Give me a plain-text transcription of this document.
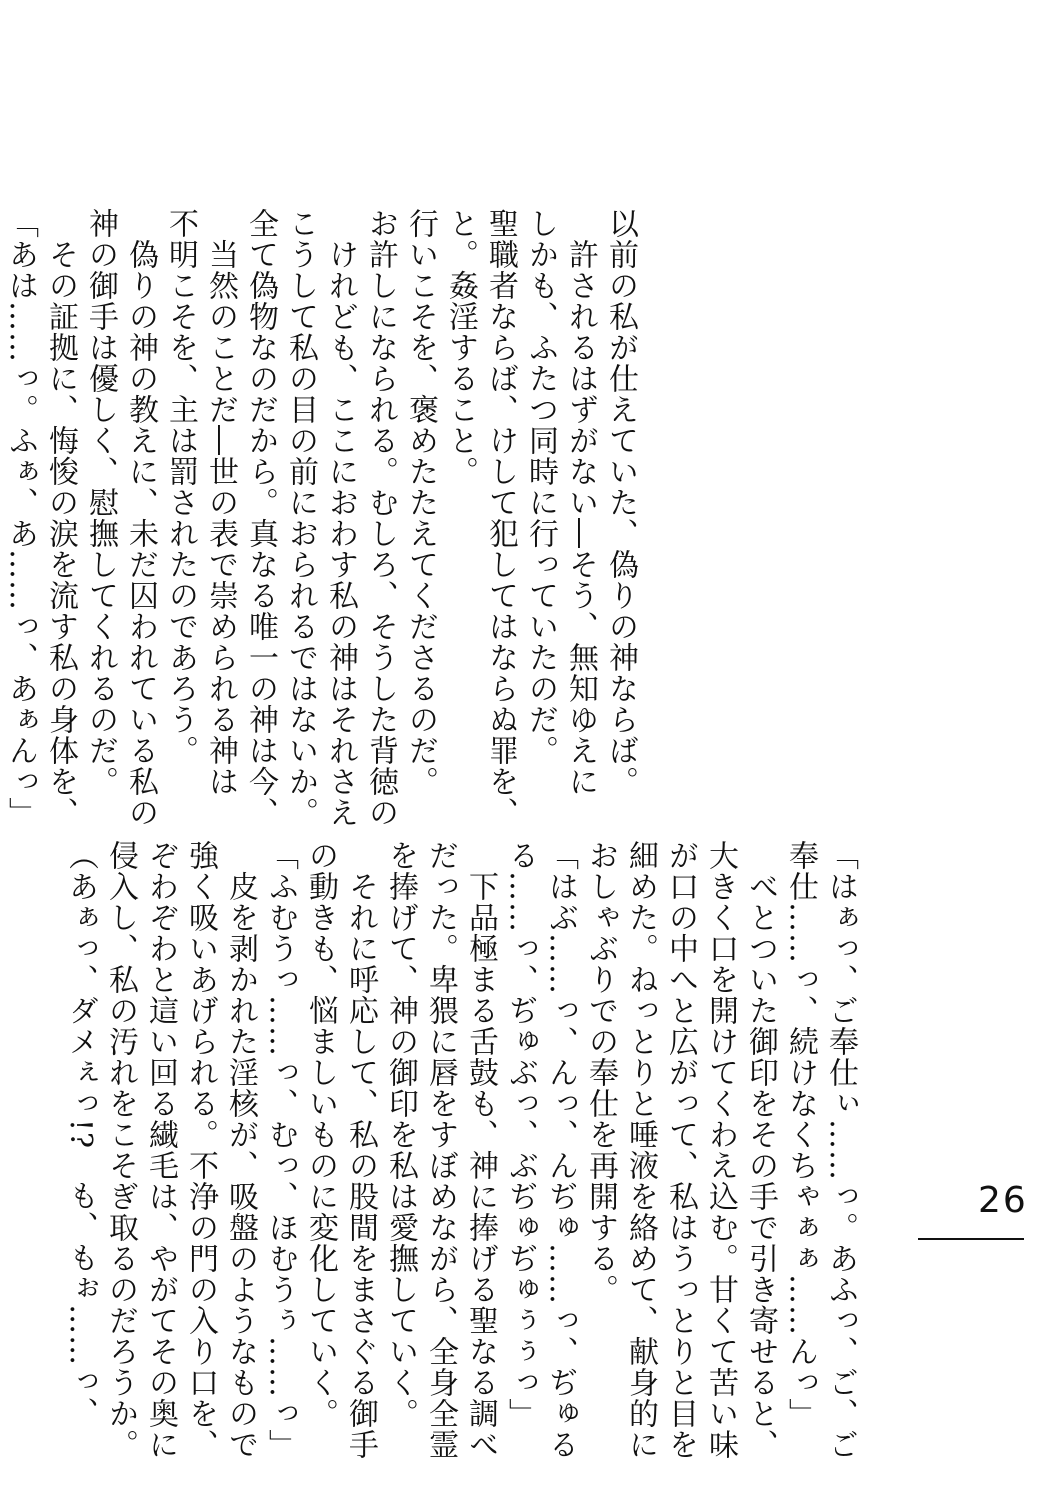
以前の私が仕えていた、偽りの神ならば。
　許されるはずがない―そう、無知ゆえに
しかも、ふたつ同時に行っていたのだ。
聖職者ならば、けして犯してはならぬ罪を、
と。姦淫すること。
行いこそを、褒めたたえてくださるのだ。
お許しになられる。むしろ、そうした背徳の
　けれども、ここにおわす私の神はそれさえ
こうして私の目の前におられるではないか。
全て偽物なのだから。真なる唯一の神は今、
　当然のことだ―世の表で崇められる神は
不明こそを、主は罰されたのであろう。
　偽りの神の教えに、未だ囚われている私の
神の御手は優しく、慰撫してくれるのだ。
　その証拠に、悔悛の涙を流す私の身体を、
「あは……っ。ふぁ、あ……っ、あぁんっ」
「はぁっ、ご奉仕ぃ……っ。あふっ、ご、ご
奉仕……っ、続けなくちゃぁぁ……んっ」
　べとついた御印をその手で引き寄せると、
大きく口を開けてくわえ込む。甘くて苦い味
が口の中へと広がって、私はうっとりと目を
細めた。ねっとりと唾液を絡めて、献身的に
おしゃぶりでの奉仕を再開する。
「はぶ……っ、んっ、んぢゅ……っ、ぢゅる
る……っ、ぢゅぶっ、ぶぢゅぢゅぅぅっ」
　下品極まる舌鼓も、神に捧げる聖なる調べ
だった。卑猥に唇をすぼめながら、全身全霊
を捧げて、神の御印を私は愛撫していく。
　それに呼応して、私の股間をまさぐる御手
の動きも、悩ましいものに変化していく。
「ふむうっ……っ、むっ、ほむうぅ……っ」
　皮を剥かれた淫核が、吸盤のようなもので
強く吸いあげられる。不浄の門の入り口を、
ぞわぞわと這い回る繊毛は、やがてその奥に
侵入し、私の汚れをこそぎ取るのだろうか。
（あぁっ、ダメぇっ!?　も、もぉ……っ、	26
